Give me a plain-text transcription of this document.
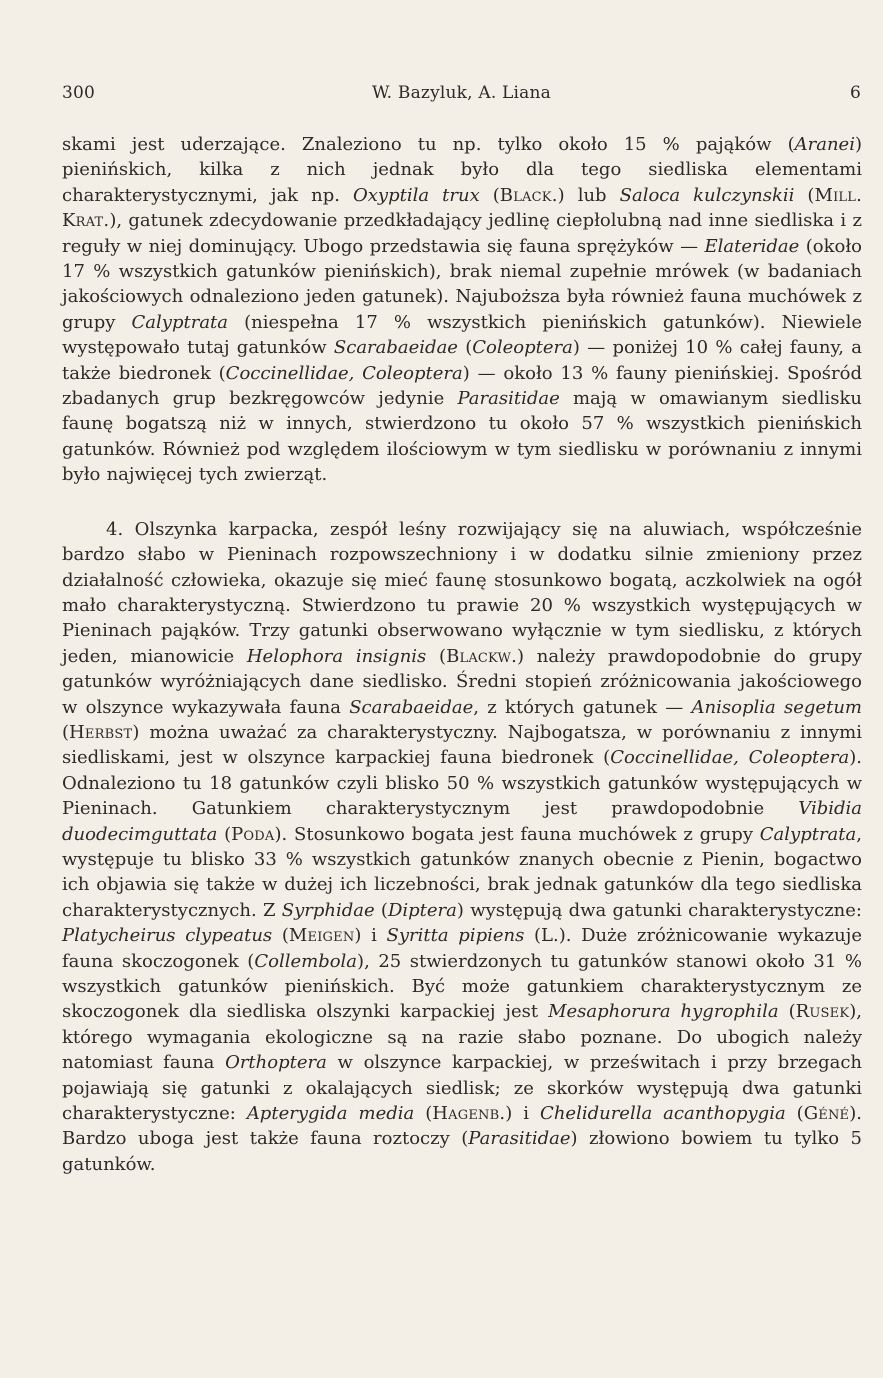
300	W. Bazyluk, A. Liana	6

skami jest uderzające. Znaleziono tu np. tylko około 15 % pająków (Aranei) pienińskich, kilka z nich jednak było dla tego siedliska elementami charakterystycznymi, jak np. Oxyptila trux (Black.) lub Saloca kulczynskii (Mill. Krat.), gatunek zdecydowanie przedkładający jedlinę ciepłolubną nad inne siedliska i z reguły w niej dominujący. Ubogo przedstawia się fauna sprężyków — Elateridae (około 17 % wszystkich gatunków pienińskich), brak niemal zupełnie mrówek (w badaniach jakościowych odnaleziono jeden gatunek). Najuboższa była również fauna muchówek z grupy Calyptrata (niespełna 17 % wszystkich pienińskich gatunków). Niewiele występowało tutaj gatunków Scarabaeidae (Coleoptera) — poniżej 10 % całej fauny, a także biedronek (Coccinellidae, Coleoptera) — około 13 % fauny pienińskiej. Spośród zbadanych grup bezkręgowców jedynie Parasitidae mają w omawianym siedlisku faunę bogatszą niż w innych, stwierdzono tu około 57 % wszystkich pienińskich gatunków. Również pod względem ilościowym w tym siedlisku w porównaniu z innymi było najwięcej tych zwierząt.

4. Olszynka karpacka, zespół leśny rozwijający się na aluwiach, współcześnie bardzo słabo w Pieninach rozpowszechniony i w dodatku silnie zmieniony przez działalność człowieka, okazuje się mieć faunę stosunkowo bogatą, aczkolwiek na ogół mało charakterystyczną. Stwierdzono tu prawie 20 % wszystkich występujących w Pieninach pająków. Trzy gatunki obserwowano wyłącznie w tym siedlisku, z których jeden, mianowicie Helophora insignis (Blackw.) należy prawdopodobnie do grupy gatunków wyróżniających dane siedlisko. Średni stopień zróżnicowania jakościowego w olszynce wykazywała fauna Scarabaeidae, z których gatunek — Anisoplia segetum (Herbst) można uważać za charakterystyczny. Najbogatsza, w porównaniu z innymi siedliskami, jest w olszynce karpackiej fauna biedronek (Coccinellidae, Coleoptera). Odnaleziono tu 18 gatunków czyli blisko 50 % wszystkich gatunków występujących w Pieninach. Gatunkiem charakterystycznym jest prawdopodobnie Vibidia duodecimguttata (Poda). Stosunkowo bogata jest fauna muchówek z grupy Calyptrata, występuje tu blisko 33 % wszystkich gatunków znanych obecnie z Pienin, bogactwo ich objawia się także w dużej ich liczebności, brak jednak gatunków dla tego siedliska charakterystycznych. Z Syrphidae (Diptera) występują dwa gatunki charakterystyczne: Platycheirus clypeatus (Meigen) i Syritta pipiens (L.). Duże zróżnicowanie wykazuje fauna skoczogonek (Collembola), 25 stwierdzonych tu gatunków stanowi około 31 % wszystkich gatunków pienińskich. Być może gatunkiem charakterystycznym ze skoczogonek dla siedliska olszynki karpackiej jest Mesaphorura hygrophila (Rusek), którego wymagania ekologiczne są na razie słabo poznane. Do ubogich należy natomiast fauna Orthoptera w olszynce karpackiej, w prześwitach i przy brzegach pojawiają się gatunki z okalających siedlisk; ze skorków występują dwa gatunki charakterystyczne: Apterygida media (Hagenb.) i Chelidurella acanthopygia (Géné). Bardzo uboga jest także fauna roztoczy (Parasitidae) złowiono bowiem tu tylko 5 gatunków.
